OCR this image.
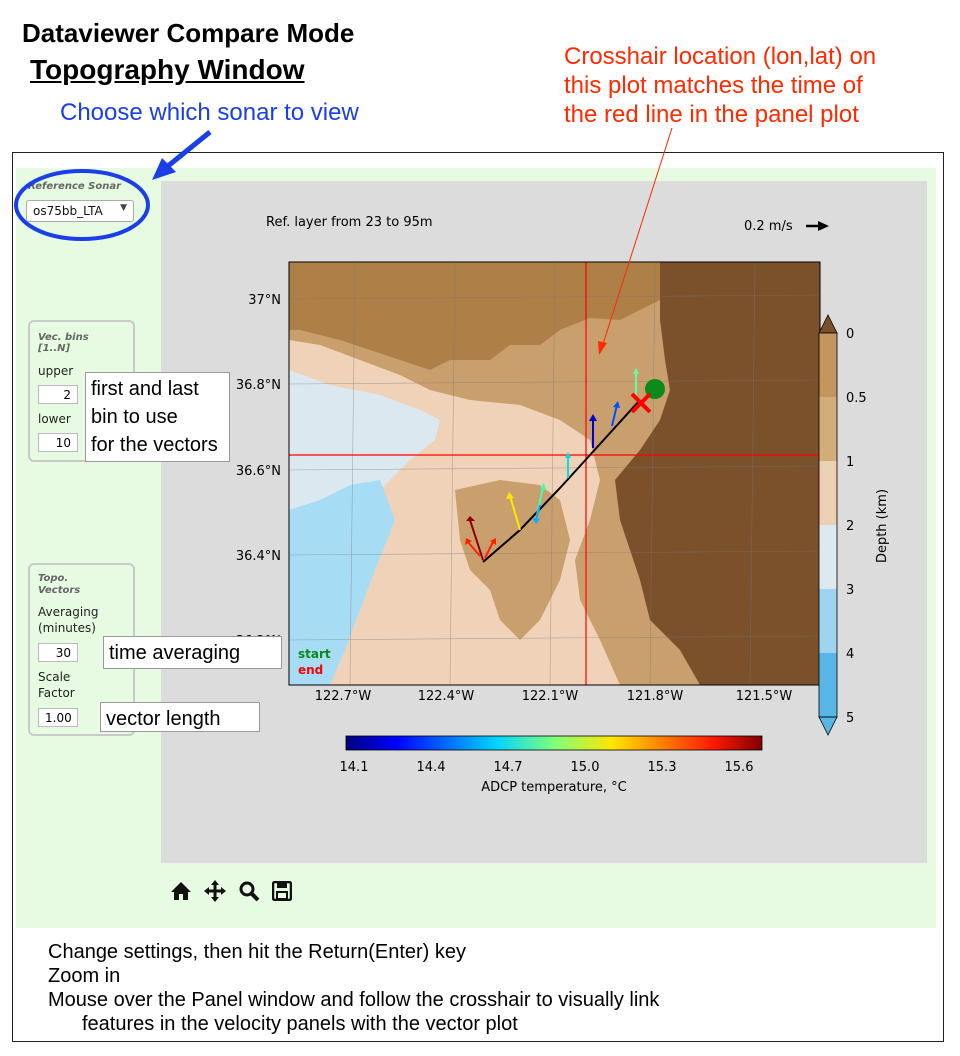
Dataviewer Compare Mode
Topography Window
Choose which sonar to view
Crosshair location (lon,lat) on
this plot matches the time of
the red line in the panel plot
Reference Sonar
os75bb_LTA ▼
Vec. bins
[1..N]
upper
2
lower
10
Topo.
Vectors
Averaging
(minutes)
30
Scale
Factor
1.00
Ref. layer from 23 to 95m	0.2 m/s
start
end
37°N
36.8°N
36.6°N
36.4°N
122.7°W	122.4°W	122.1°W	121.8°W	121.5°W
0
0.5
1
2
3
4
5
Depth (km)
14.1	14.4	14.7	15.0	15.3	15.6
ADCP temperature, °C
first and last
bin to use
for the vectors
time averaging
vector length
Change settings, then hit the Return(Enter) key
Zoom in
Mouse over the Panel window and follow the crosshair to visually link
features in the velocity panels with the vector plot
